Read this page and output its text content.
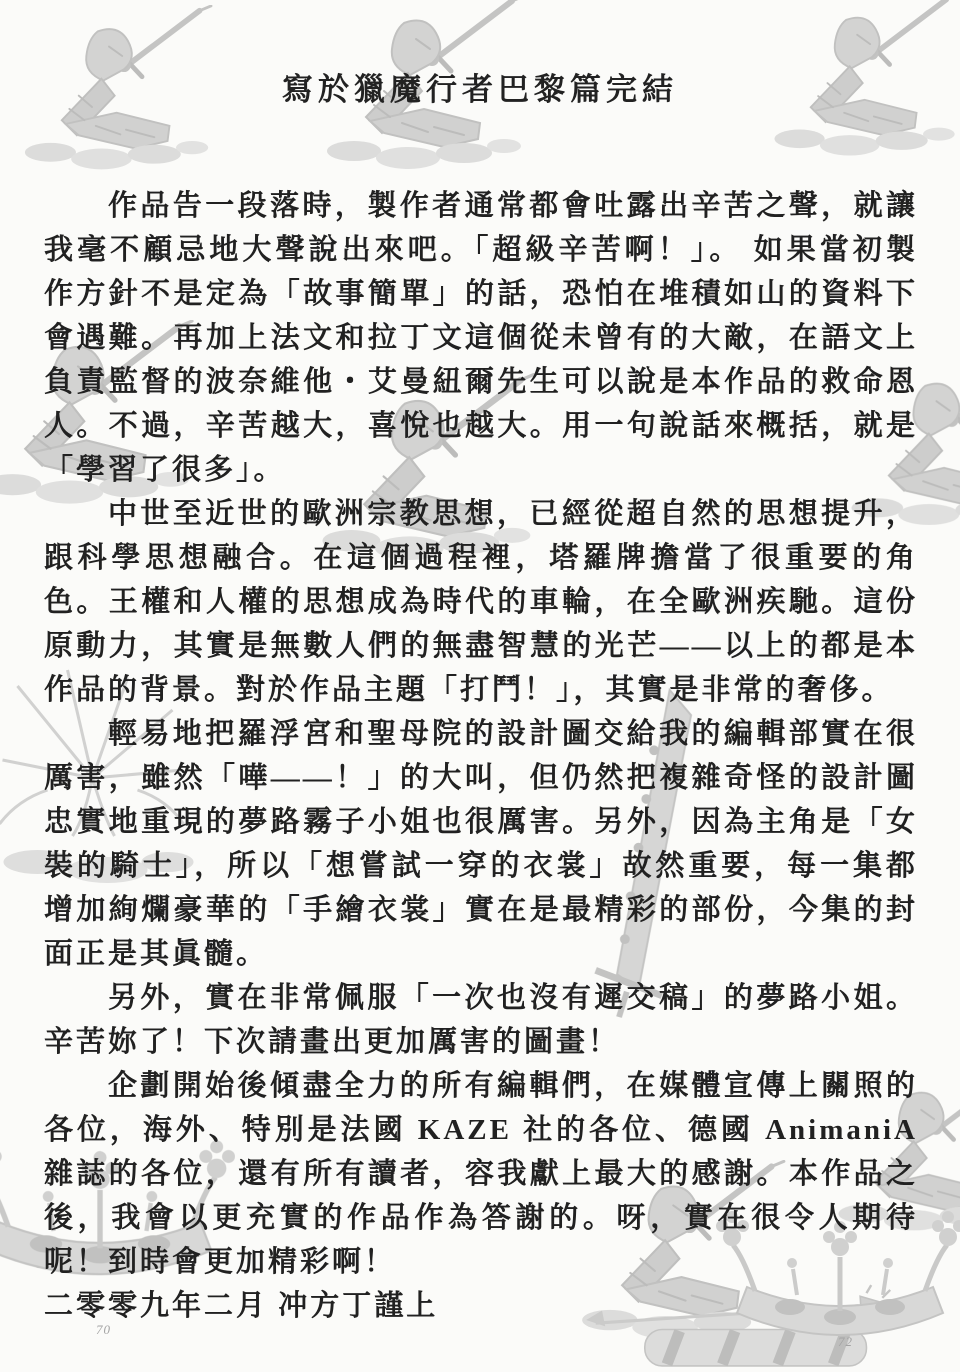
70
72
寫於獵魔行者巴黎篇完結

作品告一段落時，製作者通常都會吐露出辛苦之聲，就讓我毫不顧忌地大聲說出來吧。「超級辛苦啊！」。 如果當初製作方針不是定為「故事簡單」的話，恐怕在堆積如山的資料下會遇難。再加上法文和拉丁文這個從未曾有的大敵，在語文上負責監督的波奈維他・艾曼紐爾先生可以說是本作品的救命恩人。不過，辛苦越大，喜悅也越大。用一句說話來概括，就是「學習了很多」。

中世至近世的歐洲宗教思想，已經從超自然的思想提升，跟科學思想融合。在這個過程裡，塔羅牌擔當了很重要的角色。王權和人權的思想成為時代的車輪，在全歐洲疾馳。這份原動力，其實是無數人們的無盡智慧的光芒——以上的都是本作品的背景。對於作品主題「打鬥！」，其實是非常的奢侈。

輕易地把羅浮宮和聖母院的設計圖交給我的編輯部實在很厲害，雖然「嘩——！」的大叫，但仍然把複雜奇怪的設計圖忠實地重現的夢路霧子小姐也很厲害。另外，因為主角是「女裝的騎士」，所以「想嘗試一穿的衣裳」故然重要，每一集都增加絢爛豪華的「手繪衣裳」實在是最精彩的部份，今集的封面正是其眞髓。

另外，實在非常佩服「一次也沒有遲交稿」的夢路小姐。辛苦妳了！下次請畫出更加厲害的圖畫！

企劃開始後傾盡全力的所有編輯們，在媒體宣傳上關照的各位，海外、特別是法國 KAZE 社的各位、德國 AnimaniA 雜誌的各位，還有所有讀者，容我獻上最大的感謝。本作品之後，我會以更充實的作品作為答謝的。呀，實在很令人期待呢！到時會更加精彩啊！

二零零九年二月 冲方丁謹上
